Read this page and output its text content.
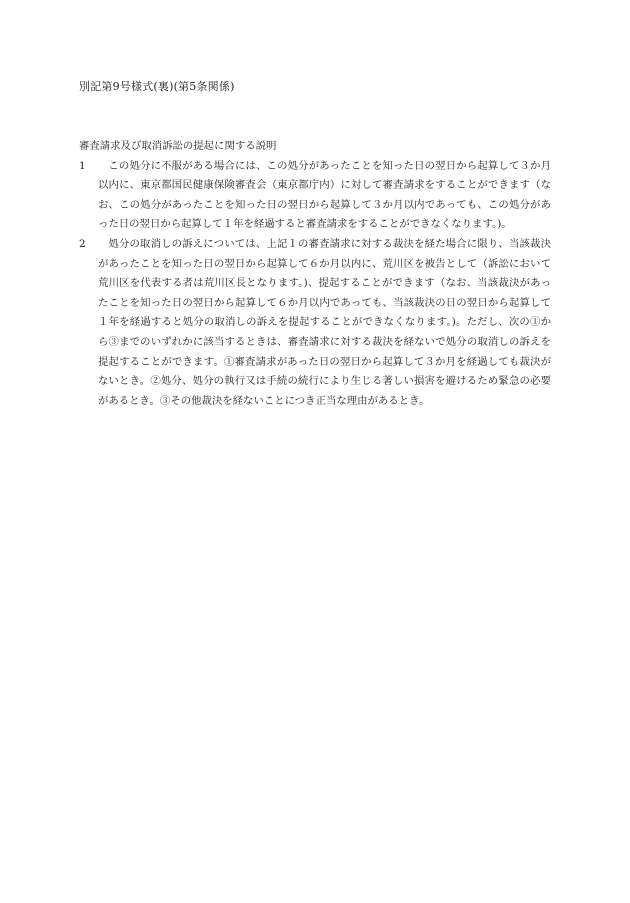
別記第9号様式(裏)(第5条関係)

審査請求及び取消訴訟の提起に関する説明

1	この処分に不服がある場合には、この処分があったことを知った日の翌日から起算して３か月以内に、東京都国民健康保険審査会（東京都庁内）に対して審査請求をすることができます（なお、この処分があったことを知った日の翌日から起算して３か月以内であっても、この処分があった日の翌日から起算して１年を経過すると審査請求をすることができなくなります。)。
2	処分の取消しの訴えについては、上記１の審査請求に対する裁決を経た場合に限り、当該裁決があったことを知った日の翌日から起算して６か月以内に、荒川区を被告として（訴訟において荒川区を代表する者は荒川区長となります。)、提起することができます（なお、当該裁決があったことを知った日の翌日から起算して６か月以内であっても、当該裁決の日の翌日から起算して１年を経過すると処分の取消しの訴えを提起することができなくなります。)。ただし、次の①から③までのいずれかに該当するときは、審査請求に対する裁決を経ないで処分の取消しの訴えを提起することができます。①審査請求があった日の翌日から起算して３か月を経過しても裁決がないとき。②処分、処分の執行又は手続の続行により生じる著しい損害を避けるため緊急の必要があるとき。③その他裁決を経ないことにつき正当な理由があるとき。
